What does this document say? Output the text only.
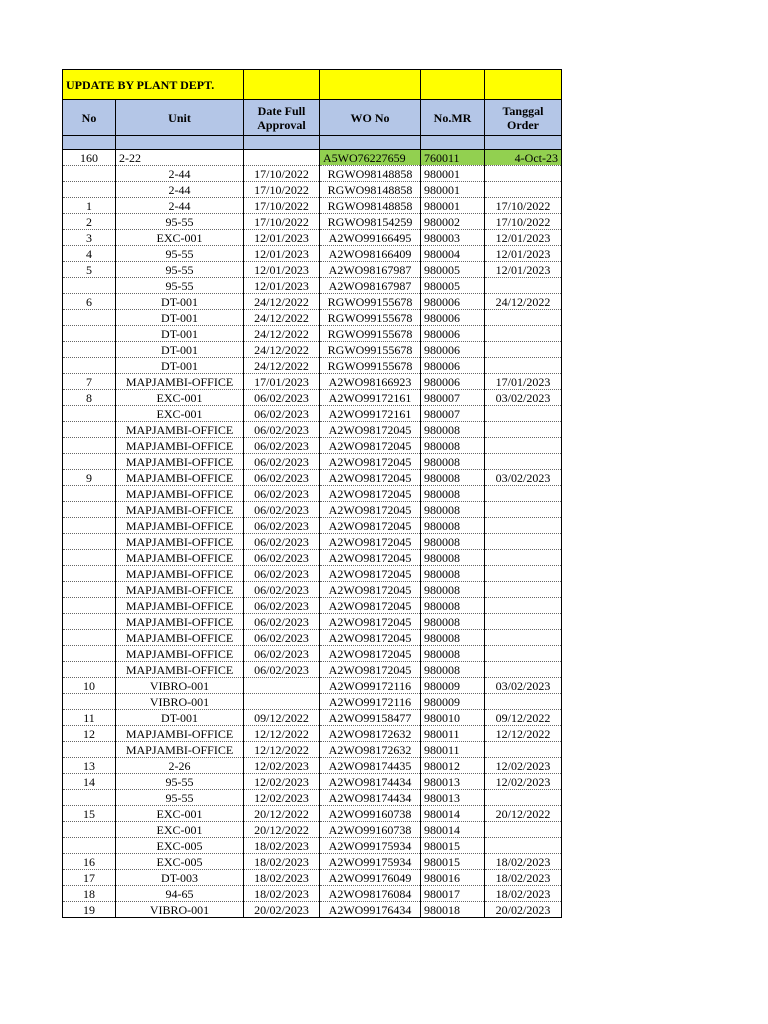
UPDATE BY PLANT DEPT.					
No	Unit	Date Full Approval	WO No	No.MR	Tanggal Order

160	2-22		A5WO76227659	760011	4-Oct-23
	2-44	17/10/2022	RGWO98148858	980001	
	2-44	17/10/2022	RGWO98148858	980001	
1	2-44	17/10/2022	RGWO98148858	980001	17/10/2022
2	95-55	17/10/2022	RGWO98154259	980002	17/10/2022
3	EXC-001	12/01/2023	A2WO99166495	980003	12/01/2023
4	95-55	12/01/2023	A2WO98166409	980004	12/01/2023
5	95-55	12/01/2023	A2WO98167987	980005	12/01/2023
	95-55	12/01/2023	A2WO98167987	980005	
6	DT-001	24/12/2022	RGWO99155678	980006	24/12/2022
	DT-001	24/12/2022	RGWO99155678	980006	
	DT-001	24/12/2022	RGWO99155678	980006	
	DT-001	24/12/2022	RGWO99155678	980006	
	DT-001	24/12/2022	RGWO99155678	980006	
7	MAPJAMBI-OFFICE	17/01/2023	A2WO98166923	980006	17/01/2023
8	EXC-001	06/02/2023	A2WO99172161	980007	03/02/2023
	EXC-001	06/02/2023	A2WO99172161	980007	
	MAPJAMBI-OFFICE	06/02/2023	A2WO98172045	980008	
	MAPJAMBI-OFFICE	06/02/2023	A2WO98172045	980008	
	MAPJAMBI-OFFICE	06/02/2023	A2WO98172045	980008	
9	MAPJAMBI-OFFICE	06/02/2023	A2WO98172045	980008	03/02/2023
	MAPJAMBI-OFFICE	06/02/2023	A2WO98172045	980008	
	MAPJAMBI-OFFICE	06/02/2023	A2WO98172045	980008	
	MAPJAMBI-OFFICE	06/02/2023	A2WO98172045	980008	
	MAPJAMBI-OFFICE	06/02/2023	A2WO98172045	980008	
	MAPJAMBI-OFFICE	06/02/2023	A2WO98172045	980008	
	MAPJAMBI-OFFICE	06/02/2023	A2WO98172045	980008	
	MAPJAMBI-OFFICE	06/02/2023	A2WO98172045	980008	
	MAPJAMBI-OFFICE	06/02/2023	A2WO98172045	980008	
	MAPJAMBI-OFFICE	06/02/2023	A2WO98172045	980008	
	MAPJAMBI-OFFICE	06/02/2023	A2WO98172045	980008	
	MAPJAMBI-OFFICE	06/02/2023	A2WO98172045	980008	
	MAPJAMBI-OFFICE	06/02/2023	A2WO98172045	980008	
10	VIBRO-001		A2WO99172116	980009	03/02/2023
	VIBRO-001		A2WO99172116	980009	
11	DT-001	09/12/2022	A2WO99158477	980010	09/12/2022
12	MAPJAMBI-OFFICE	12/12/2022	A2WO98172632	980011	12/12/2022
	MAPJAMBI-OFFICE	12/12/2022	A2WO98172632	980011	
13	2-26	12/02/2023	A2WO98174435	980012	12/02/2023
14	95-55	12/02/2023	A2WO98174434	980013	12/02/2023
	95-55	12/02/2023	A2WO98174434	980013	
15	EXC-001	20/12/2022	A2WO99160738	980014	20/12/2022
	EXC-001	20/12/2022	A2WO99160738	980014	
	EXC-005	18/02/2023	A2WO99175934	980015	
16	EXC-005	18/02/2023	A2WO99175934	980015	18/02/2023
17	DT-003	18/02/2023	A2WO99176049	980016	18/02/2023
18	94-65	18/02/2023	A2WO98176084	980017	18/02/2023
19	VIBRO-001	20/02/2023	A2WO99176434	980018	20/02/2023
